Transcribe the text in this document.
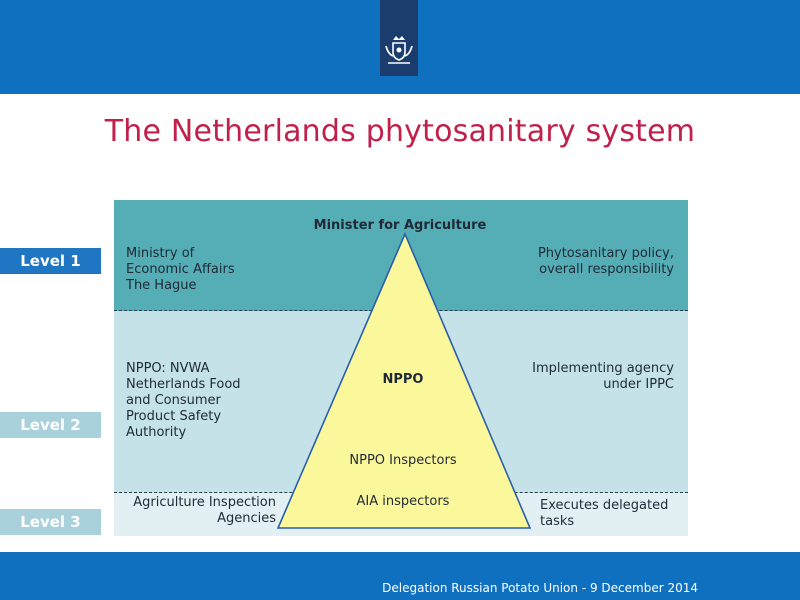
The Netherlands phytosanitary system
Minister for Agriculture
NPPO
NPPO Inspectors
AIA inspectors
Ministry of
Economic Affairs
The Hague
Phytosanitary policy,
overall responsibility
NPPO: NVWA
Netherlands Food
and Consumer
Product Safety
Authority
Implementing agency
under IPPC
Agriculture Inspection
Agencies
Executes delegated
tasks
Level 1
Level 2
Level 3
Delegation Russian Potato Union - 9 December 2014
